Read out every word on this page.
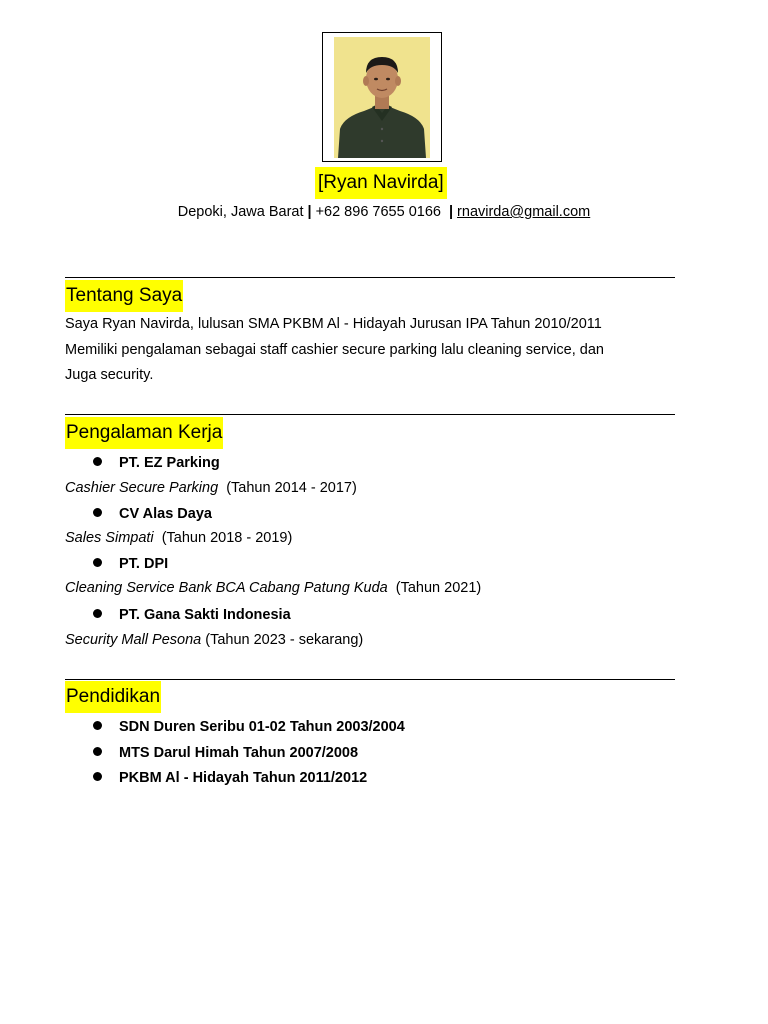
[Ryan Navirda]
Depoki, Jawa Barat | +62 896 7655 0166 | rnavirda@gmail.com
Tentang Saya
Saya Ryan Navirda, lulusan SMA PKBM Al - Hidayah Jurusan IPA Tahun 2010/2011
Memiliki pengalaman sebagai staff cashier secure parking lalu cleaning service, dan
Juga security.
Pengalaman Kerja
PT. EZ Parking
Cashier Secure Parking (Tahun 2014 - 2017)
CV Alas Daya
Sales Simpati (Tahun 2018 - 2019)
PT. DPI
Cleaning Service Bank BCA Cabang Patung Kuda (Tahun 2021)
PT. Gana Sakti Indonesia
Security Mall Pesona (Tahun 2023 - sekarang)
Pendidikan
SDN Duren Seribu 01-02 Tahun 2003/2004
MTS Darul Himah Tahun 2007/2008
PKBM Al - Hidayah Tahun 2011/2012
